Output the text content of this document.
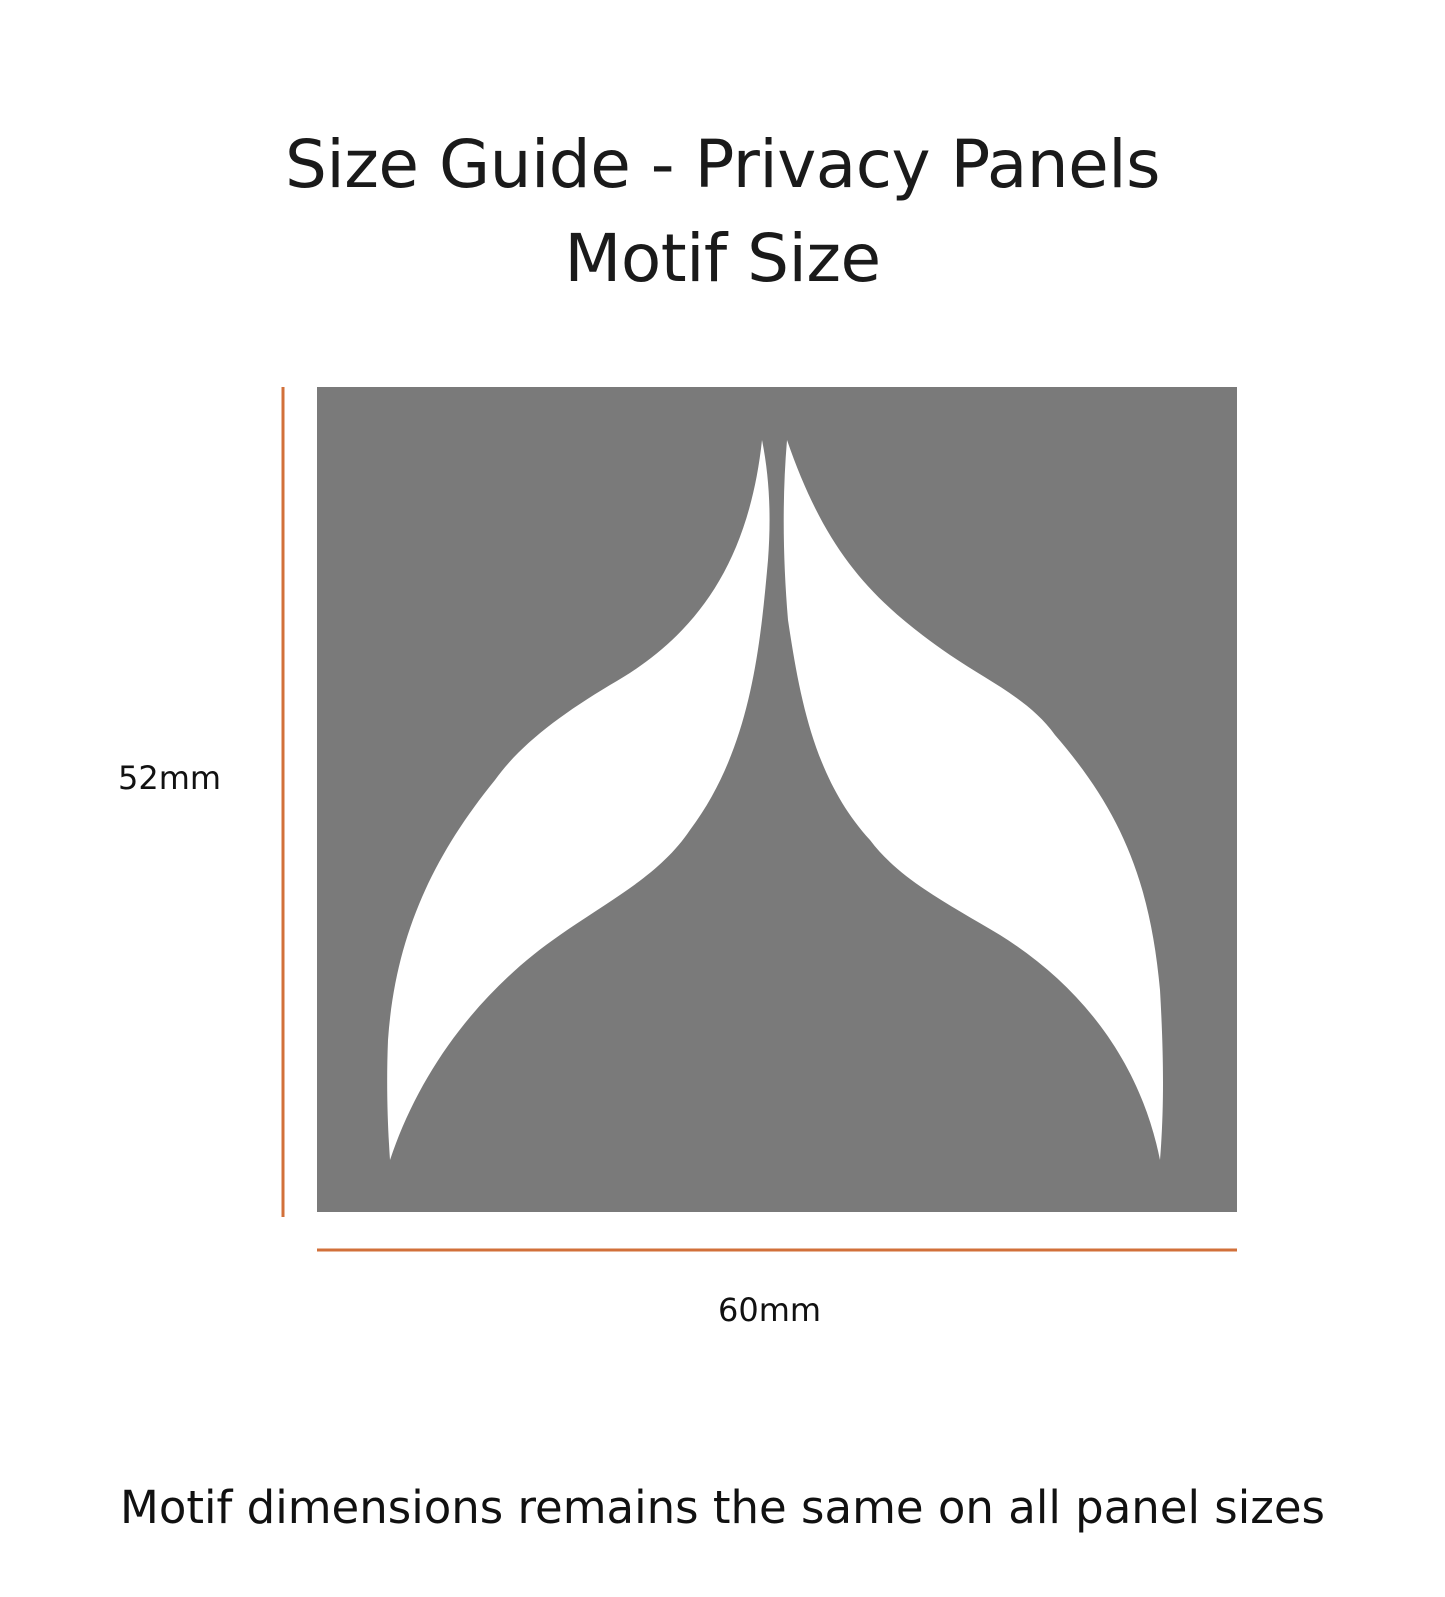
Size Guide - Privacy Panels
Motif Size
52mm
60mm
Motif dimensions remains the same on all panel sizes
